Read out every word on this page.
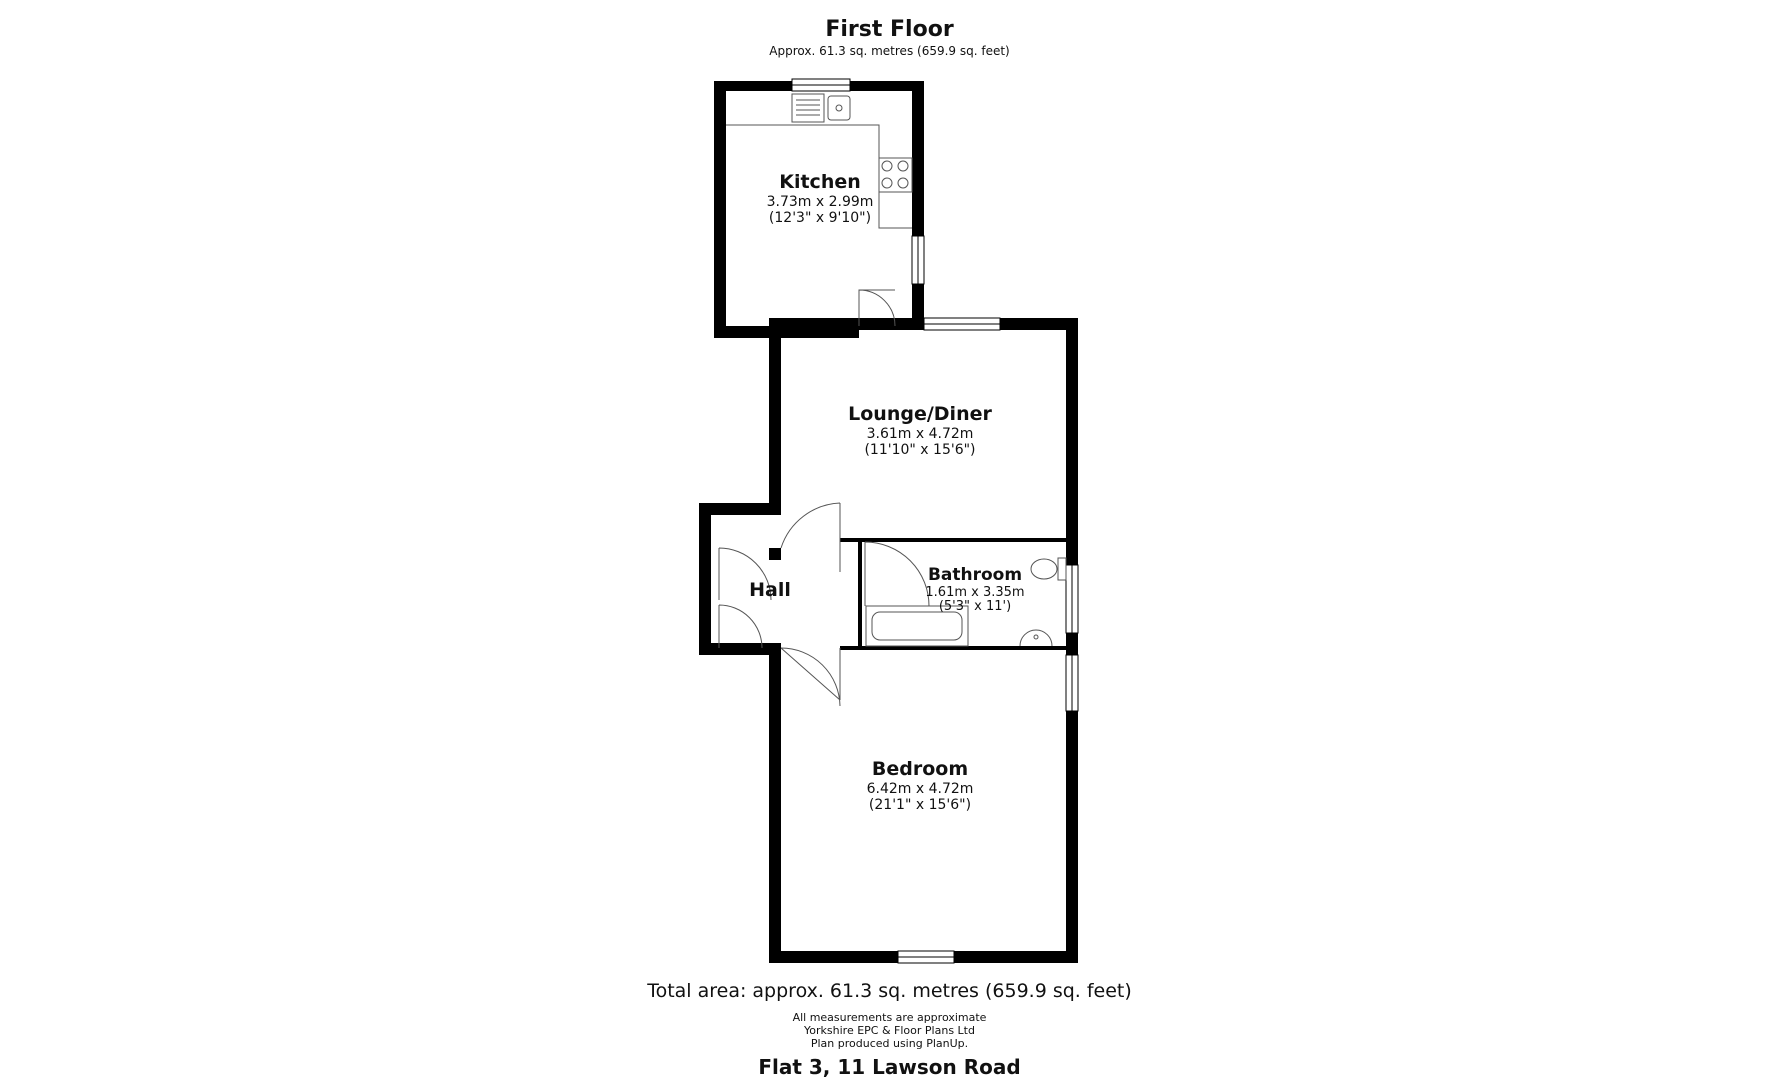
First Floor
Approx. 61.3 sq. metres (659.9 sq. feet)
Kitchen
3.73m x 2.99m
(12'3" x 9'10")
Lounge/Diner
3.61m x 4.72m
(11'10" x 15'6")
Hall
Bathroom
1.61m x 3.35m
(5'3" x 11')
Bedroom
6.42m x 4.72m
(21'1" x 15'6")
Total area: approx. 61.3 sq. metres (659.9 sq. feet)
All measurements are approximate
Yorkshire EPC & Floor Plans Ltd
Plan produced using PlanUp.
Flat 3, 11 Lawson Road
